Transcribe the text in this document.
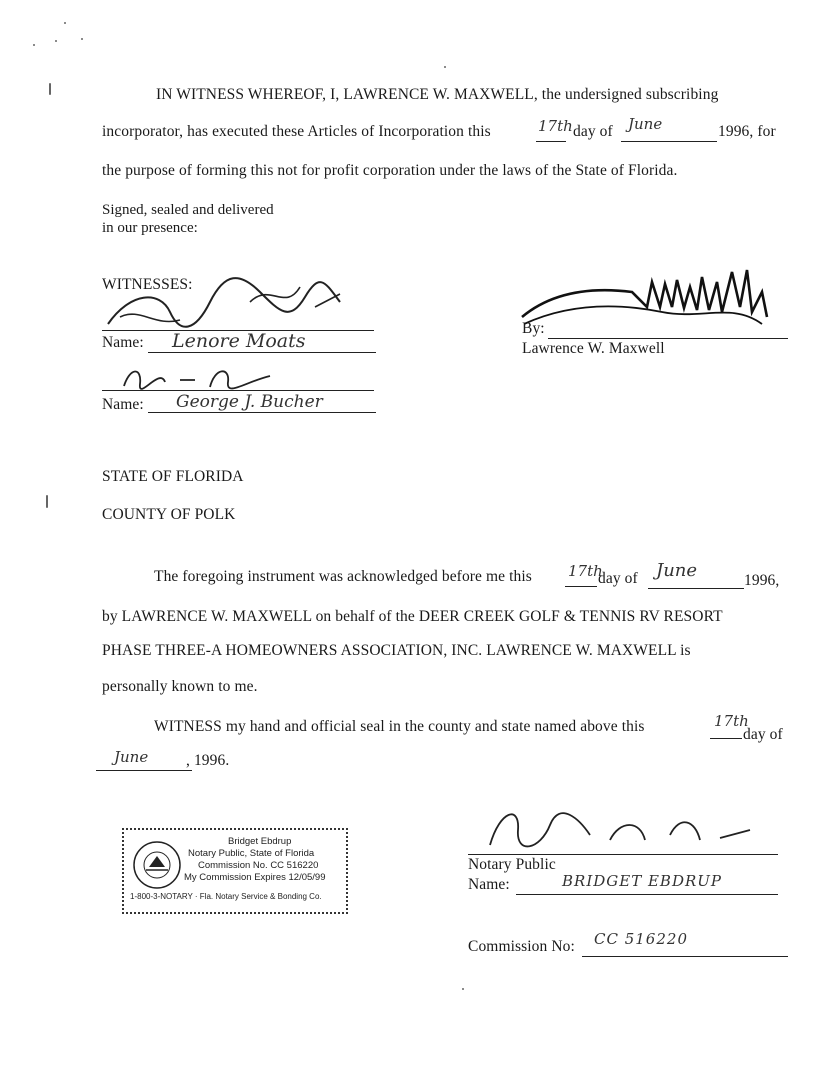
IN WITNESS WHEREOF, I, LAWRENCE W. MAXWELL, the undersigned subscribing
incorporator, has executed these Articles of Incorporation this	17th day of June	1996, for
the purpose of forming this not for profit corporation under the laws of the State of Florida.
Signed, sealed and delivered
in our presence:
WITNESSES:
Name: Lenore Moats
Name: George J. Bucher
By:
Lawrence W. Maxwell
STATE OF FLORIDA
COUNTY OF POLK
The foregoing instrument was acknowledged before me this 17th
day of June	1996,
by LAWRENCE W. MAXWELL on behalf of the DEER CREEK GOLF & TENNIS RV RESORT
PHASE THREE-A HOMEOWNERS ASSOCIATION, INC. LAWRENCE W. MAXWELL is
personally known to me.
WITNESS my hand and official seal in the county and state named above this	17th
day of
June , 1996.
Bridget Ebdrup
Notary Public, State of Florida
Commission No. CC 516220
My Commission Expires 12/05/99
1-800-3-NOTARY · Fla. Notary Service & Bonding Co.
Notary Public
Name:	BRIDGET EBDRUP
Commission No: CC 516220
